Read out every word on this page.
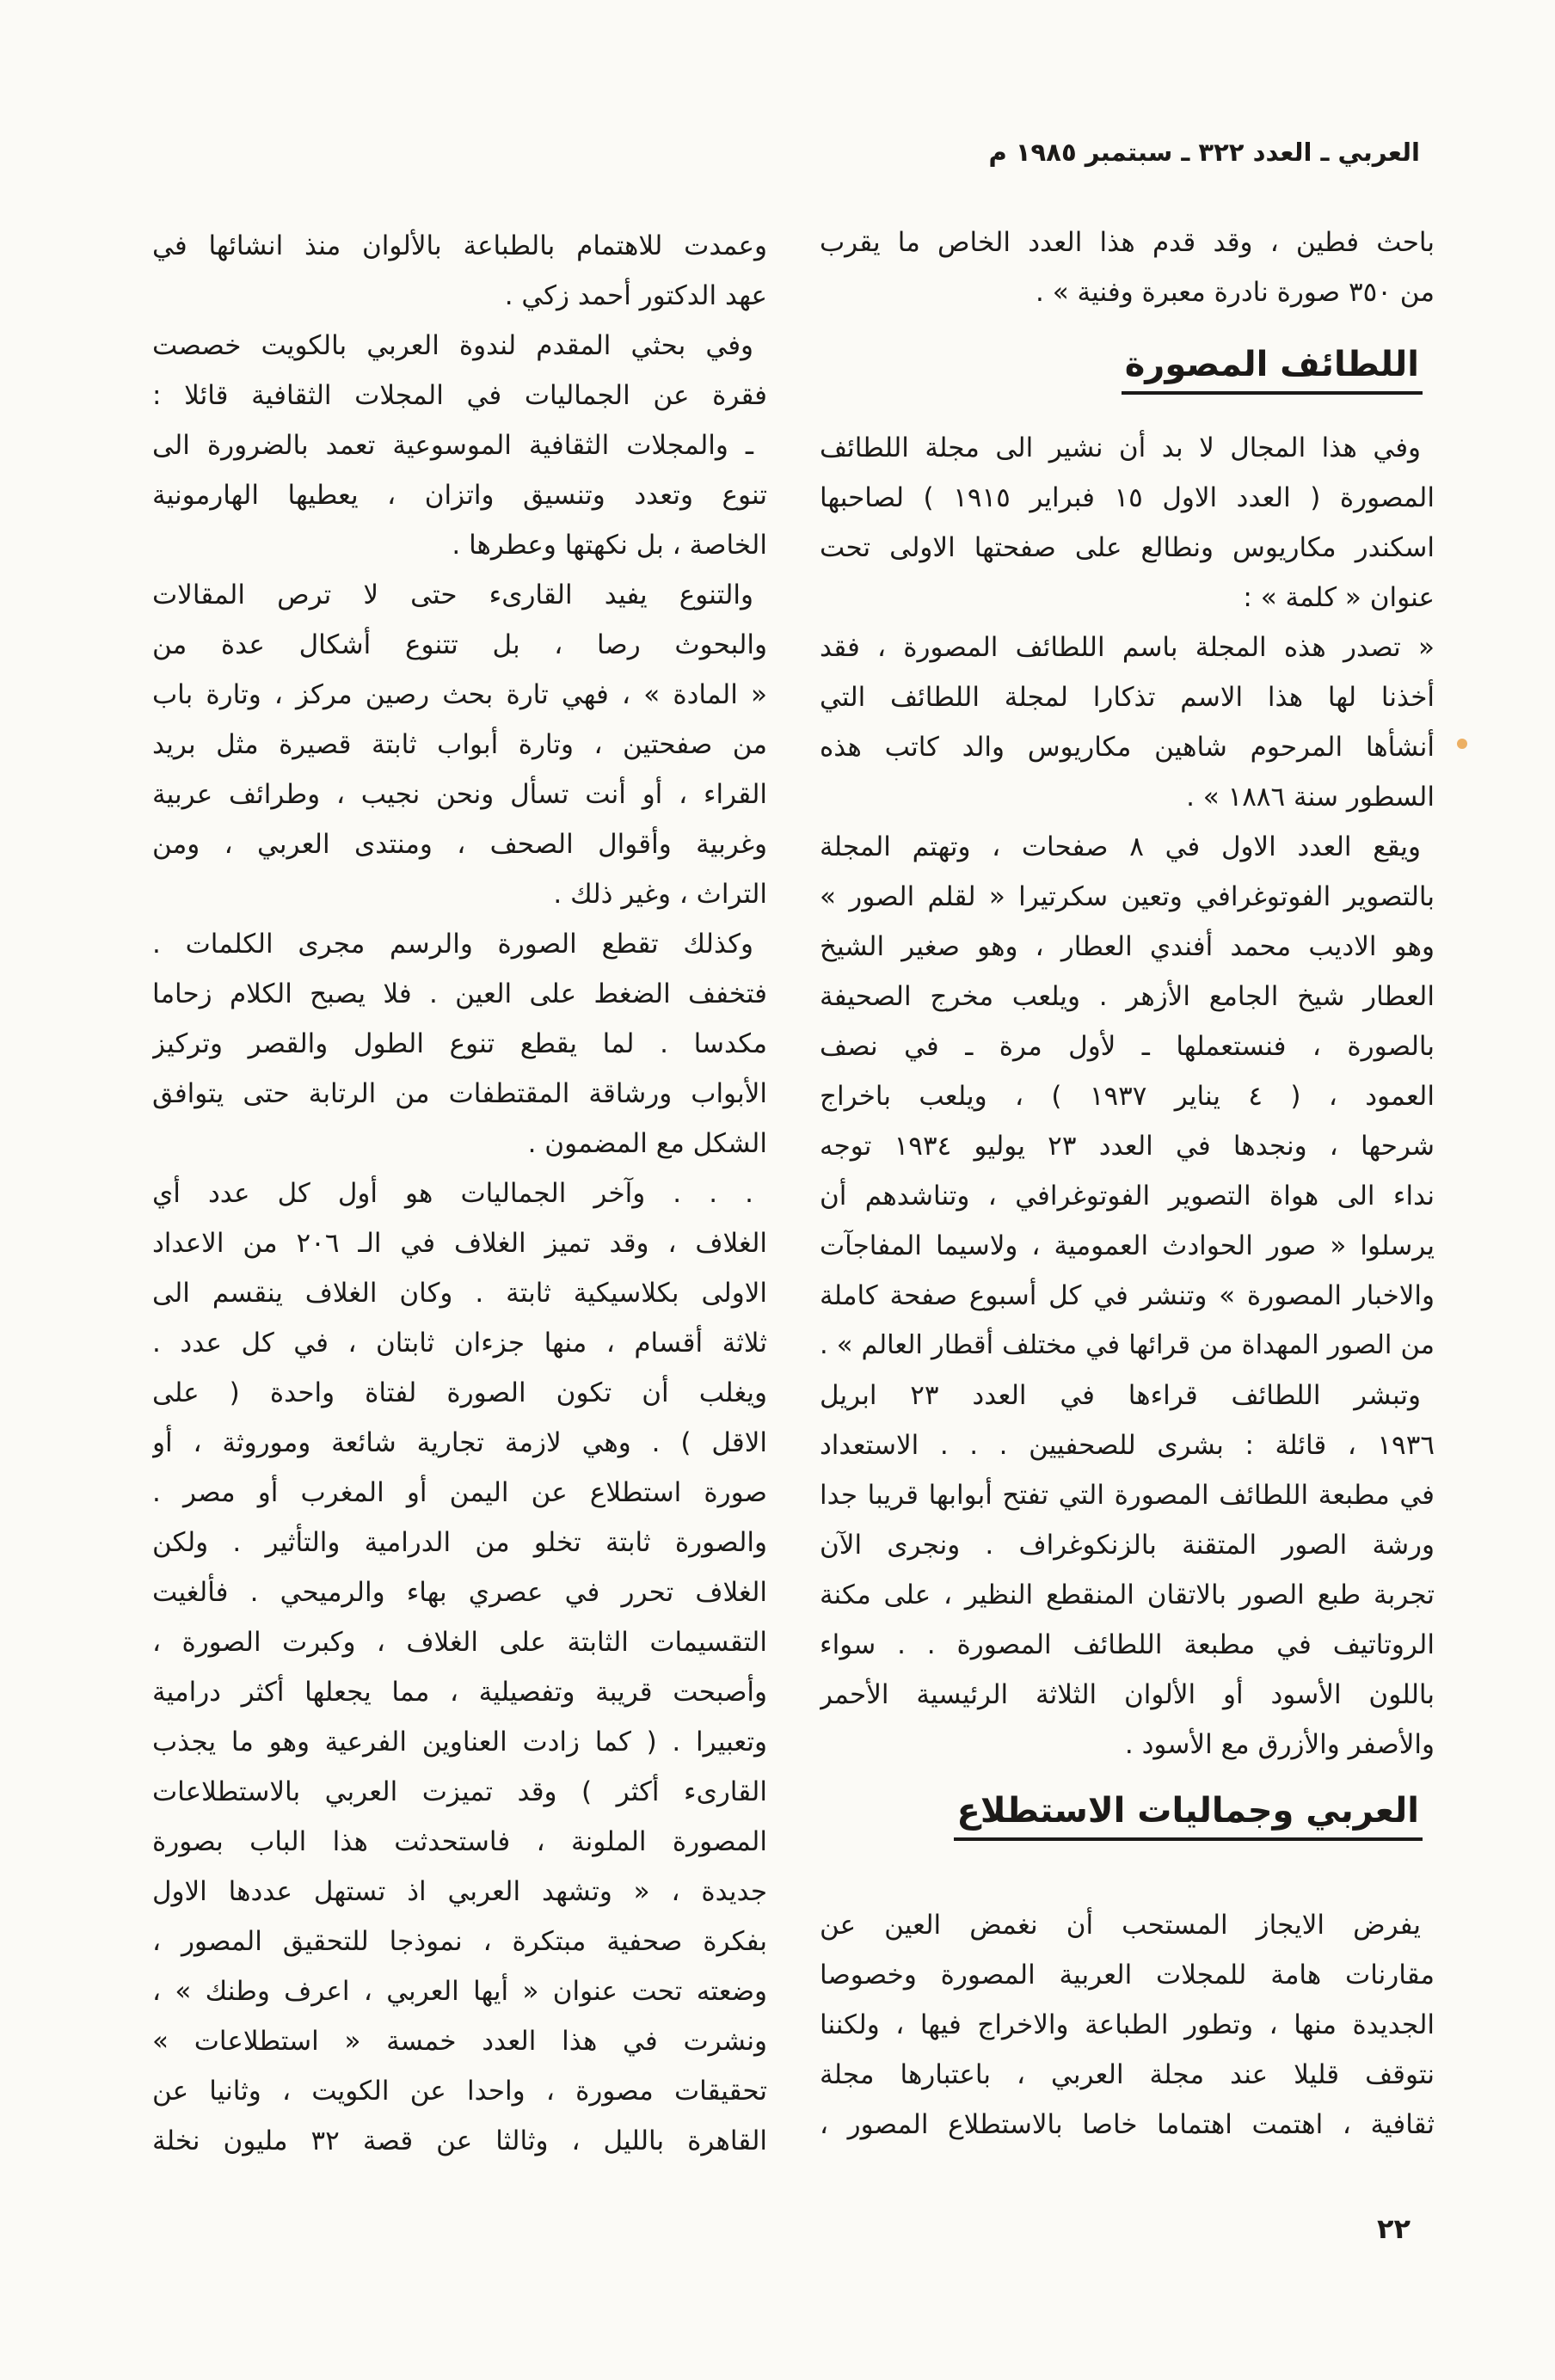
العربي ـ العدد ٣٢٢ ـ سبتمبر ١٩٨٥ م
باحث فطين ، وقد قدم هذا العدد الخاص ما يقرب
من ٣٥٠ صورة نادرة معبرة وفنية » .
اللطائف المصورة
وفي هذا المجال لا بد أن نشير الى مجلة اللطائف
المصورة ( العدد الاول ١٥ فبراير ١٩١٥ ) لصاحبها
اسكندر مكاريوس ونطالع على صفحتها الاولى تحت
عنوان « كلمة » :
« تصدر هذه المجلة باسم اللطائف المصورة ، فقد
أخذنا لها هذا الاسم تذكارا لمجلة اللطائف التي
أنشأها المرحوم شاهين مكاريوس والد كاتب هذه
السطور سنة ١٨٨٦ » .
ويقع العدد الاول في ٨ صفحات ، وتهتم المجلة
بالتصوير الفوتوغرافي وتعين سكرتيرا « لقلم الصور »
وهو الاديب محمد أفندي العطار ، وهو صغير الشيخ
العطار شيخ الجامع الأزهر . ويلعب مخرج الصحيفة
بالصورة ، فنستعملها ـ لأول مرة ـ في نصف
العمود ، ( ٤ يناير ١٩٣٧ ) ، ويلعب باخراج
شرحها ، ونجدها في العدد ٢٣ يوليو ١٩٣٤ توجه
نداء الى هواة التصوير الفوتوغرافي ، وتناشدهم أن
يرسلوا « صور الحوادث العمومية ، ولاسيما المفاجآت
والاخبار المصورة » وتنشر في كل أسبوع صفحة كاملة
من الصور المهداة من قرائها في مختلف أقطار العالم » .
وتبشر اللطائف قراءها في العدد ٢٣ ابريل
١٩٣٦ ، قائلة : بشرى للصحفيين . . . الاستعداد
في مطبعة اللطائف المصورة التي تفتح أبوابها قريبا جدا
ورشة الصور المتقنة بالزنكوغراف . ونجرى الآن
تجربة طبع الصور بالاتقان المنقطع النظير ، على مكنة
الروتاتيف في مطبعة اللطائف المصورة . . سواء
باللون الأسود أو الألوان الثلاثة الرئيسية الأحمر
والأصفر والأزرق مع الأسود .
العربي وجماليات الاستطلاع
يفرض الايجاز المستحب أن نغمض العين عن
مقارنات هامة للمجلات العربية المصورة وخصوصا
الجديدة منها ، وتطور الطباعة والاخراج فيها ، ولكننا
نتوقف قليلا عند مجلة العربي ، باعتبارها مجلة
ثقافية ، اهتمت اهتماما خاصا بالاستطلاع المصور ،
وعمدت للاهتمام بالطباعة بالألوان منذ انشائها في
عهد الدكتور أحمد زكي .
وفي بحثي المقدم لندوة العربي بالكويت خصصت
فقرة عن الجماليات في المجلات الثقافية قائلا :
ـ والمجلات الثقافية الموسوعية تعمد بالضرورة الى
تنوع وتعدد وتنسيق واتزان ، يعطيها الهارمونية
الخاصة ، بل نكهتها وعطرها .
والتنوع يفيد القارىء حتى لا ترص المقالات
والبحوث رصا ، بل تتنوع أشكال عدة من
« المادة » ، فهي تارة بحث رصين مركز ، وتارة باب
من صفحتين ، وتارة أبواب ثابتة قصيرة مثل بريد
القراء ، أو أنت تسأل ونحن نجيب ، وطرائف عربية
وغربية وأقوال الصحف ، ومنتدى العربي ، ومن
التراث ، وغير ذلك .
وكذلك تقطع الصورة والرسم مجرى الكلمات .
فتخفف الضغط على العين . فلا يصبح الكلام زحاما
مكدسا . لما يقطع تنوع الطول والقصر وتركيز
الأبواب ورشاقة المقتطفات من الرتابة حتى يتوافق
الشكل مع المضمون .
. . . وآخر الجماليات هو أول كل عدد أي
الغلاف ، وقد تميز الغلاف في الـ ٢٠٦ من الاعداد
الاولى بكلاسيكية ثابتة . وكان الغلاف ينقسم الى
ثلاثة أقسام ، منها جزءان ثابتان ، في كل عدد .
ويغلب أن تكون الصورة لفتاة واحدة ( على
الاقل ) . وهي لازمة تجارية شائعة وموروثة ، أو
صورة استطلاع عن اليمن أو المغرب أو مصر .
والصورة ثابتة تخلو من الدرامية والتأثير . ولكن
الغلاف تحرر في عصري بهاء والرميحي . فألغيت
التقسيمات الثابتة على الغلاف ، وكبرت الصورة ،
وأصبحت قريبة وتفصيلية ، مما يجعلها أكثر درامية
وتعبيرا . ( كما زادت العناوين الفرعية وهو ما يجذب
القارىء أكثر ) وقد تميزت العربي بالاستطلاعات
المصورة الملونة ، فاستحدثت هذا الباب بصورة
جديدة ، « وتشهد العربي اذ تستهل عددها الاول
بفكرة صحفية مبتكرة ، نموذجا للتحقيق المصور ،
وضعته تحت عنوان « أيها العربي ، اعرف وطنك » ،
ونشرت في هذا العدد خمسة « استطلاعات »
تحقيقات مصورة ، واحدا عن الكويت ، وثانيا عن
القاهرة بالليل ، وثالثا عن قصة ٣٢ مليون نخلة
٢٢
